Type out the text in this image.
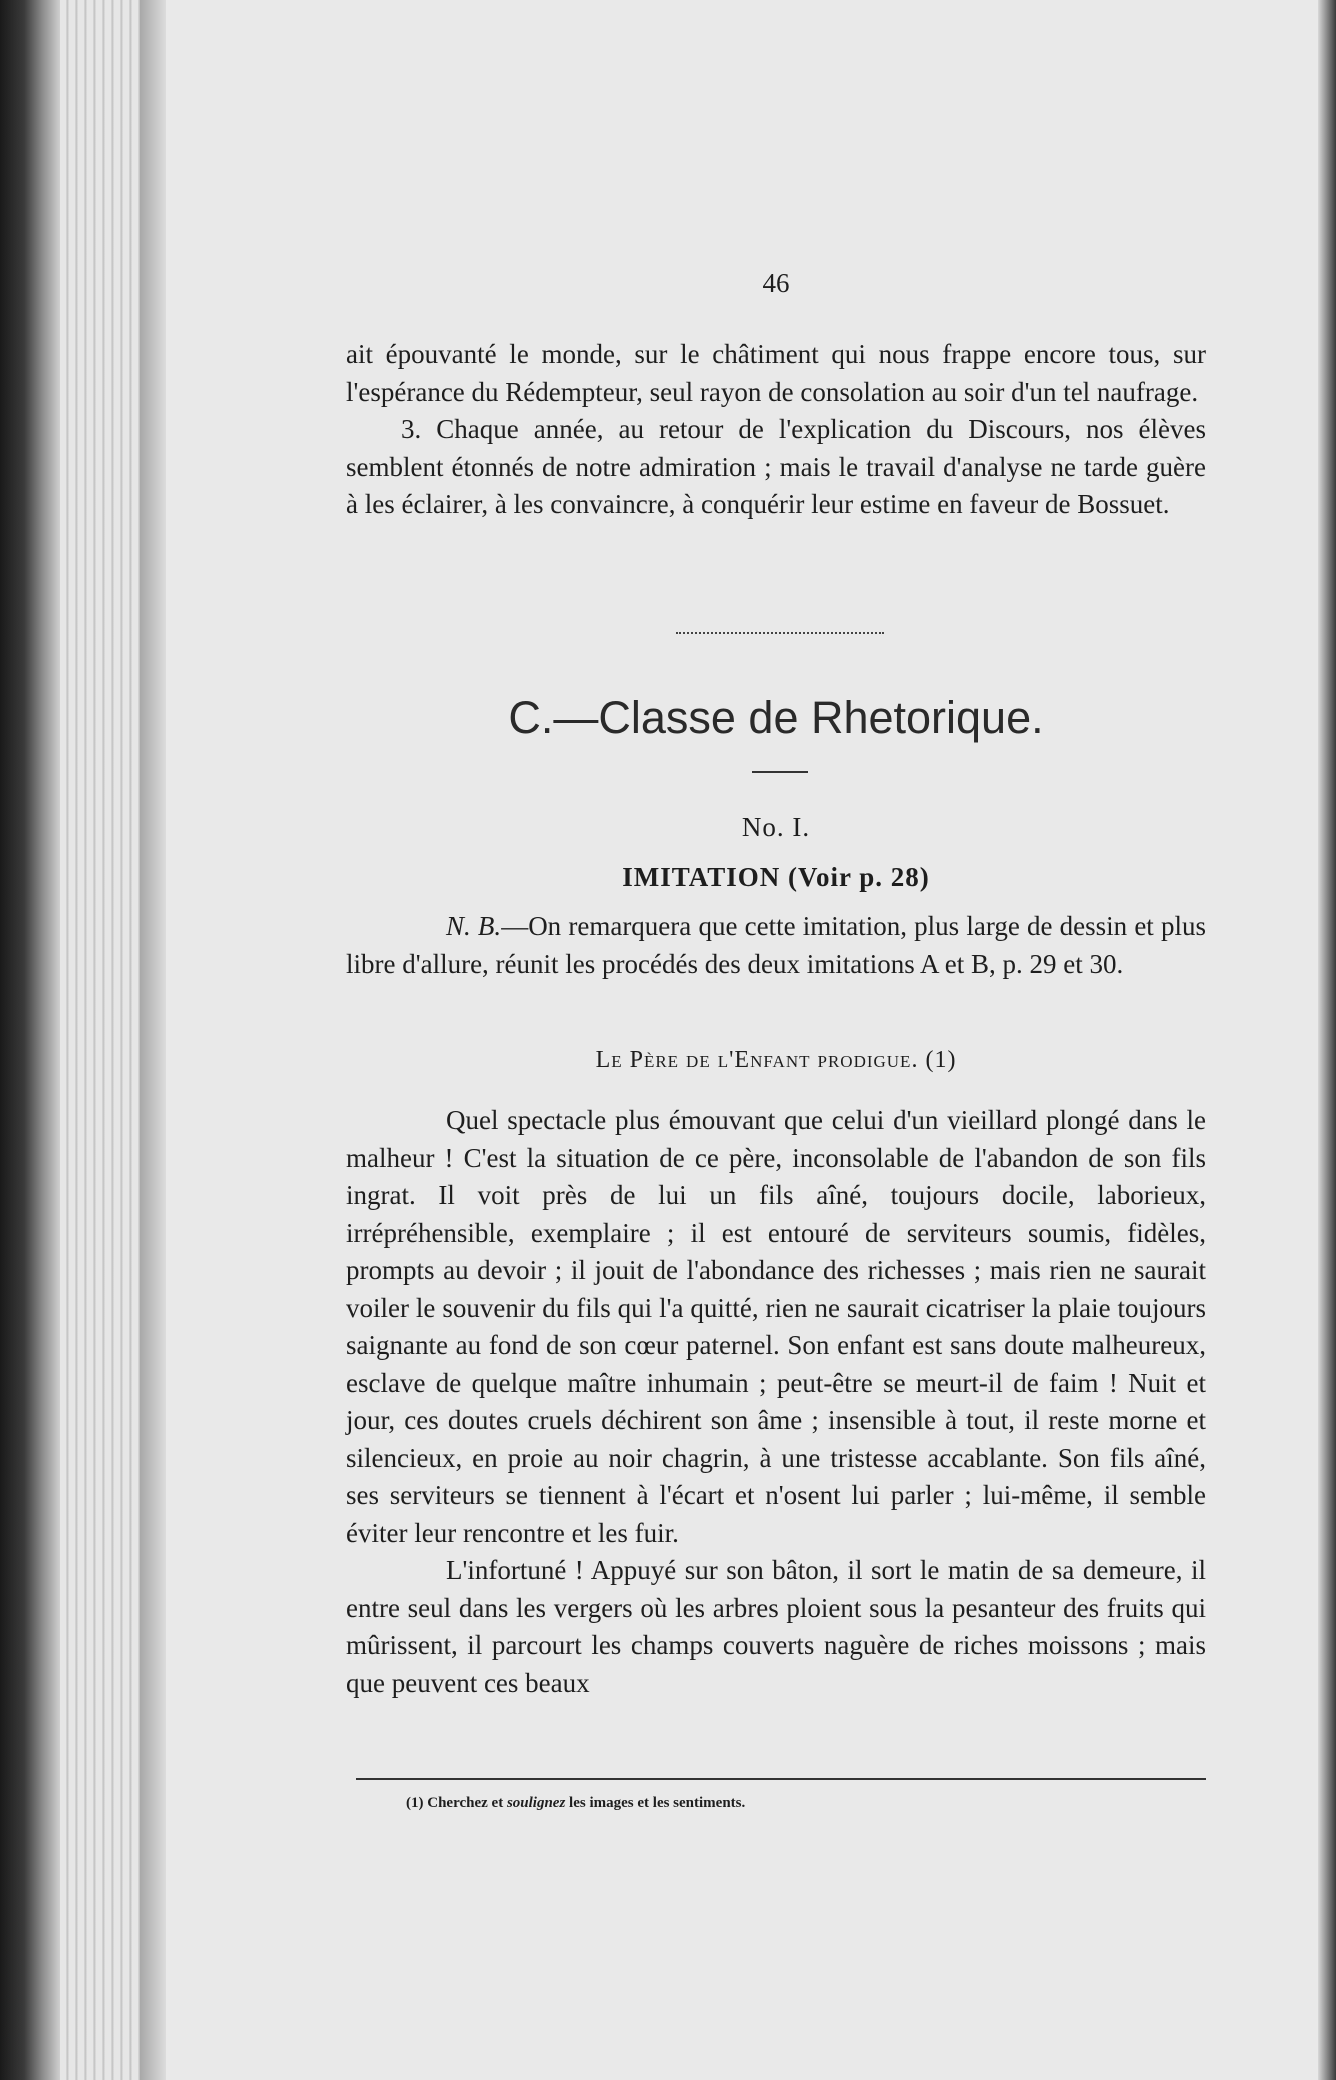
46

ait épouvanté le monde, sur le châtiment qui nous frappe encore tous, sur l'espérance du Rédempteur, seul rayon de consolation au soir d'un tel naufrage.

3. Chaque année, au retour de l'explication du Discours, nos élèves semblent étonnés de notre admiration ; mais le travail d'analyse ne tarde guère à les éclairer, à les convaincre, à conquérir leur estime en faveur de Bossuet.

C.—Classe de Rhetorique.
No. I.
IMITATION (Voir p. 28)

N. B.—On remarquera que cette imitation, plus large de dessin et plus libre d'allure, réunit les procédés des deux imitations A et B, p. 29 et 30.

Le Père de l'Enfant prodigue. (1)

Quel spectacle plus émouvant que celui d'un vieillard plongé dans le malheur ! C'est la situation de ce père, inconsolable de l'abandon de son fils ingrat. Il voit près de lui un fils aîné, toujours docile, laborieux, irrépréhensible, exemplaire ; il est entouré de serviteurs soumis, fidèles, prompts au devoir ; il jouit de l'abondance des richesses ; mais rien ne saurait voiler le souvenir du fils qui l'a quitté, rien ne saurait cicatriser la plaie toujours saignante au fond de son cœur paternel. Son enfant est sans doute malheureux, esclave de quelque maître inhumain ; peut-être se meurt-il de faim ! Nuit et jour, ces doutes cruels déchirent son âme ; insensible à tout, il reste morne et silencieux, en proie au noir chagrin, à une tristesse accablante. Son fils aîné, ses serviteurs se tiennent à l'écart et n'osent lui parler ; lui-même, il semble éviter leur rencontre et les fuir.

L'infortuné ! Appuyé sur son bâton, il sort le matin de sa demeure, il entre seul dans les vergers où les arbres ploient sous la pesanteur des fruits qui mûrissent, il parcourt les champs couverts naguère de riches moissons ; mais que peuvent ces beaux

(1) Cherchez et soulignez les images et les sentiments.
